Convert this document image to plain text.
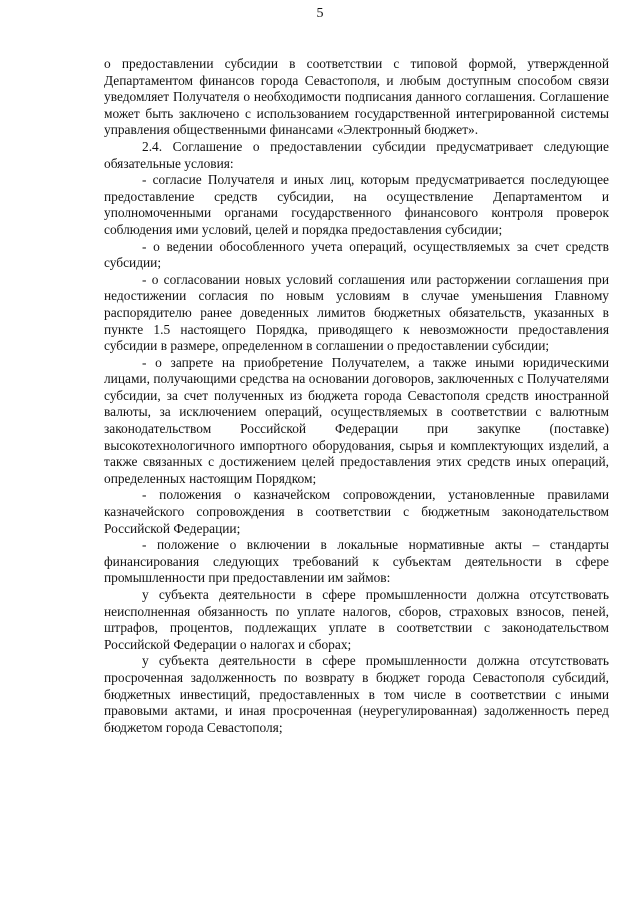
5

о предоставлении субсидии в соответствии с типовой формой, утвержденной Департаментом финансов города Севастополя, и любым доступным способом связи уведомляет Получателя о необходимости подписания данного соглашения. Соглашение может быть заключено с использованием государственной интегрированной системы управления общественными финансами «Электронный бюджет».

2.4. Соглашение о предоставлении субсидии предусматривает следующие обязательные условия:

- согласие Получателя и иных лиц, которым предусматривается последующее предоставление средств субсидии, на осуществление Департаментом и уполномоченными органами государственного финансового контроля проверок соблюдения ими условий, целей и порядка предоставления субсидии;

- о ведении обособленного учета операций, осуществляемых за счет средств субсидии;

- о согласовании новых условий соглашения или расторжении соглашения при недостижении согласия по новым условиям в случае уменьшения Главному распорядителю ранее доведенных лимитов бюджетных обязательств, указанных в пункте 1.5 настоящего Порядка, приводящего к невозможности предоставления субсидии в размере, определенном в соглашении о предоставлении субсидии;

- о запрете на приобретение Получателем, а также иными юридическими лицами, получающими средства на основании договоров, заключенных с Получателями субсидии, за счет полученных из бюджета города Севастополя средств иностранной валюты, за исключением операций, осуществляемых в соответствии с валютным законодательством Российской Федерации при закупке (поставке) высокотехнологичного импортного оборудования, сырья и комплектующих изделий, а также связанных с достижением целей предоставления этих средств иных операций, определенных настоящим Порядком;

- положения о казначейском сопровождении, установленные правилами казначейского сопровождения в соответствии с бюджетным законодательством Российской Федерации;

- положение о включении в локальные нормативные акты – стандарты финансирования следующих требований к субъектам деятельности в сфере промышленности при предоставлении им займов:

у субъекта деятельности в сфере промышленности должна отсутствовать неисполненная обязанность по уплате налогов, сборов, страховых взносов, пеней, штрафов, процентов, подлежащих уплате в соответствии с законодательством Российской Федерации о налогах и сборах;

у субъекта деятельности в сфере промышленности должна отсутствовать просроченная задолженность по возврату в бюджет города Севастополя субсидий, бюджетных инвестиций, предоставленных в том числе в соответствии с иными правовыми актами, и иная просроченная (неурегулированная) задолженность перед бюджетом города Севастополя;
